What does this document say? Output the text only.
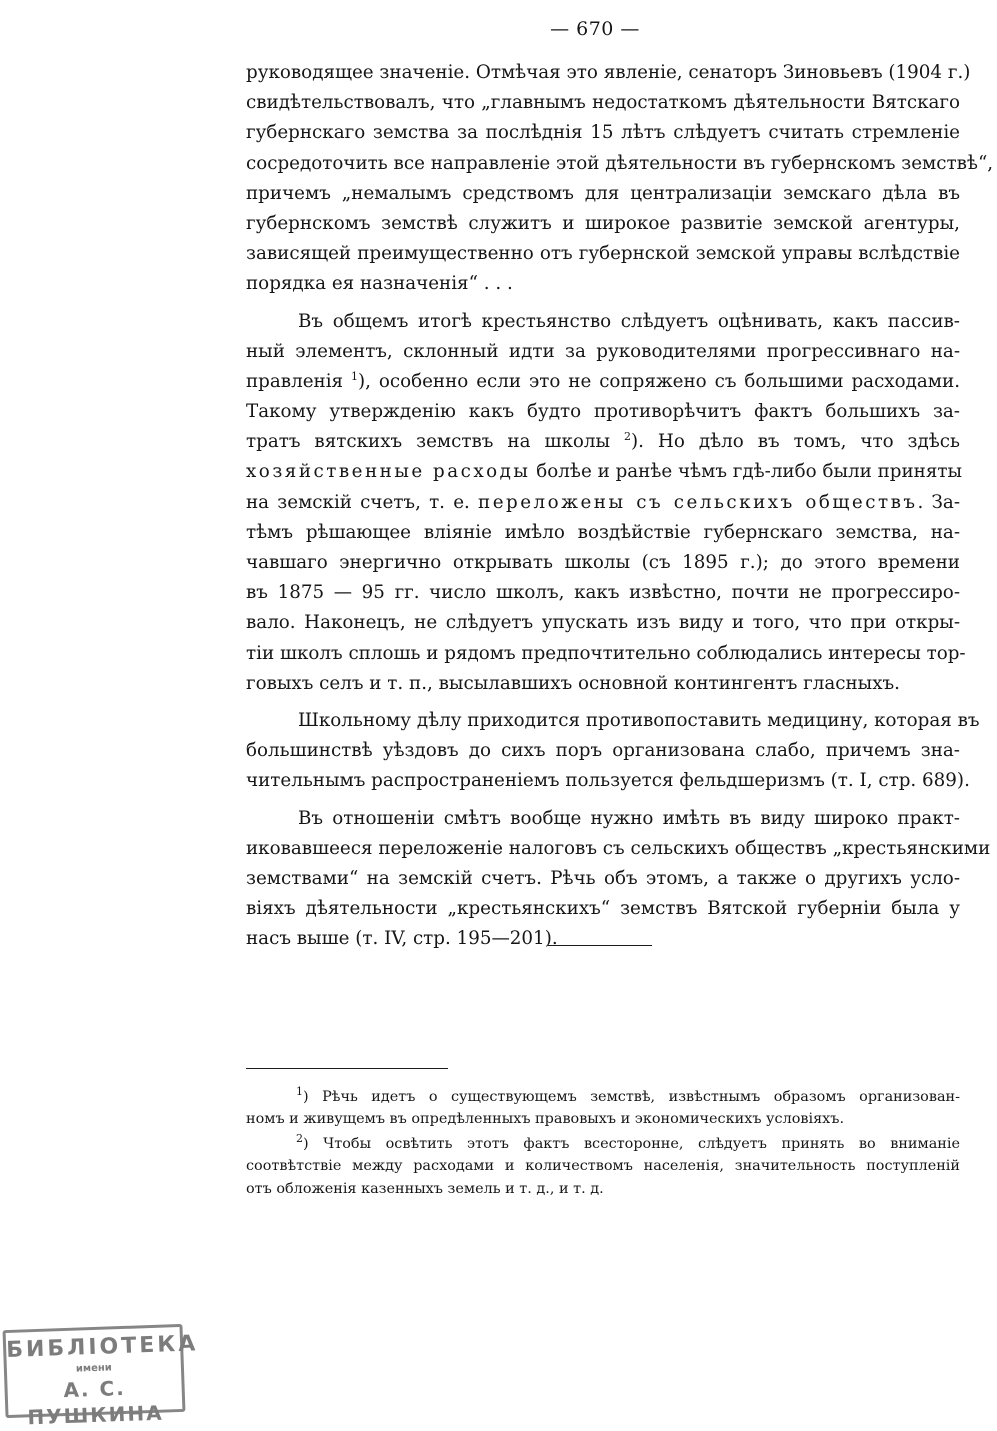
— 670 —
руководящее значенiе. Отмѣчая это явленiе, сенаторъ Зиновьевъ (1904 г.)
свидѣтельствовалъ, что „главнымъ недостаткомъ дѣятельности Вятскаго
губернскаго земства за послѣднiя 15 лѣтъ слѣдуетъ считать стремленiе
сосредоточить все направленiе этой дѣятельности въ губернскомъ земствѣ“,
причемъ „немалымъ средствомъ для централизацiи земскаго дѣла въ
губернскомъ земствѣ служитъ и широкое развитiе земской агентуры,
зависящей преимущественно отъ губернской земской управы вслѣдствiе
порядка ея назначенiя“ . . .
Въ общемъ итогѣ крестьянство слѣдуетъ оцѣнивать, какъ пассив-
ный элементъ, склонный идти за руководителями прогрессивнаго на-
правленiя $^1$), особенно если это не сопряжено съ большими расходами.
Такому утвержденiю какъ будто противорѣчитъ фактъ большихъ за-
тратъ вятскихъ земствъ на школы $^2$). Но дѣло въ томъ, что здѣсь
хозяйственные расходы болѣе и ранѣе чѣмъ гдѣ-либо были приняты
на земскiй счетъ, т. е. переложены съ сельскихъ обществъ. За-
тѣмъ рѣшающее влiянiе имѣло воздѣйствiе губернскаго земства, на-
чавшаго энергично открывать школы (съ 1895 г.); до этого времени
въ 1875 — 95 гг. число школъ, какъ извѣстно, почти не прогрессиро-
вало. Наконецъ, не слѣдуетъ упускать изъ виду и того, что при откры-
тiи школъ сплошь и рядомъ предпочтительно соблюдались интересы тор-
говыхъ селъ и т. п., высылавшихъ основной контингентъ гласныхъ.
Школьному дѣлу приходится противопоставить медицину, которая въ
большинствѣ уѣздовъ до сихъ поръ организована слабо, причемъ зна-
чительнымъ распространенiемъ пользуется фельдшеризмъ (т. I, стр. 689).
Въ отношенiи смѣтъ вообще нужно имѣть въ виду широко практ-
иковавшееся переложенiе налоговъ съ сельскихъ обществъ „крестьянскими
земствами“ на земскiй счетъ. Рѣчь объ этомъ, а также о другихъ усло-
вiяхъ дѣятельности „крестьянскихъ“ земствъ Вятской губернiи была у
насъ выше (т. IV, стр. 195—201).
$^1$) Рѣчь идетъ о существующемъ земствѣ, извѣстнымъ образомъ организован-
номъ и живущемъ въ опредѣленныхъ правовыхъ и экономическихъ условiяхъ.
$^2$) Чтобы освѣтить этотъ фактъ всесторонне, слѣдуетъ принять во вниманiе
соотвѣтствiе между расходами и количествомъ населенiя, значительность поступленiй
отъ обложенiя казенныхъ земель и т. д., и т. д.
БИБЛIОТЕКА
имени
А. С. ПУШКИНА
